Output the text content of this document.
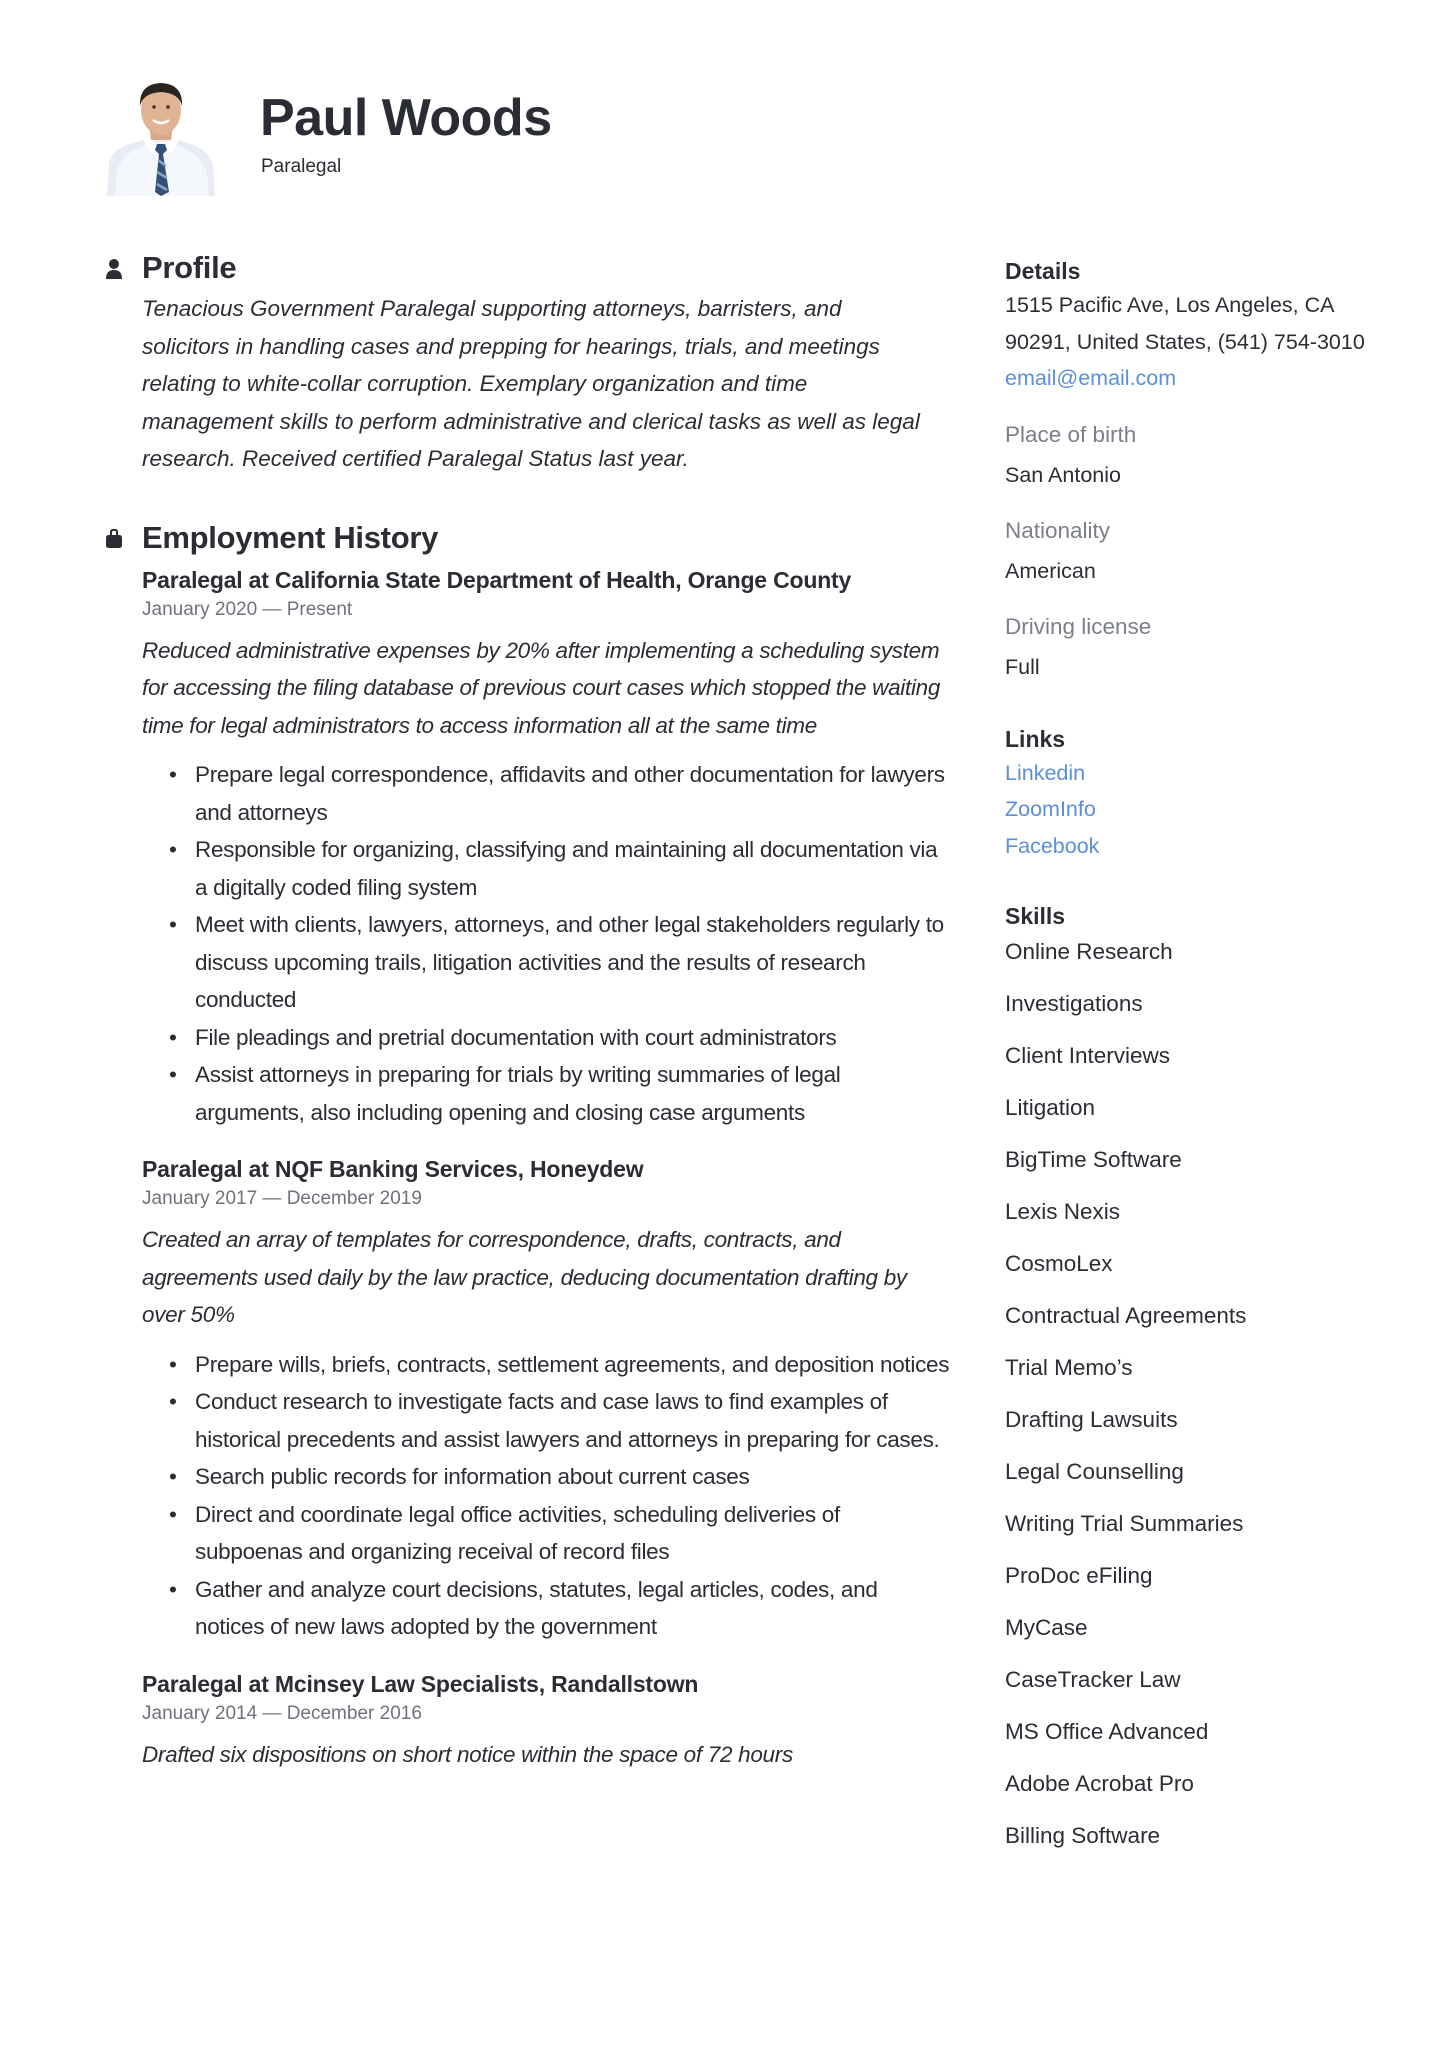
Paul Woods
Paralegal
Profile

Tenacious Government Paralegal supporting attorneys, barristers, and solicitors in handling cases and prepping for hearings, trials, and meetings relating to white-collar corruption. Exemplary organization and time management skills to perform administrative and clerical tasks as well as legal research. Received certified Paralegal Status last year.

Employment History
Paralegal at California State Department of Health, Orange County
January 2020 — Present
Reduced administrative expenses by 20% after implementing a scheduling system for accessing the filing database of previous court cases which stopped the waiting time for legal administrators to access information all at the same time
• Prepare legal correspondence, affidavits and other documentation for lawyers and attorneys
• Responsible for organizing, classifying and maintaining all documentation via a digitally coded filing system
• Meet with clients, lawyers, attorneys, and other legal stakeholders regularly to discuss upcoming trails, litigation activities and the results of research conducted
• File pleadings and pretrial documentation with court administrators
• Assist attorneys in preparing for trials by writing summaries of legal arguments, also including opening and closing case arguments
Paralegal at NQF Banking Services, Honeydew
January 2017 — December 2019
Created an array of templates for correspondence, drafts, contracts, and agreements used daily by the law practice, deducing documentation drafting by over 50%
• Prepare wills, briefs, contracts, settlement agreements, and deposition notices
• Conduct research to investigate facts and case laws to find examples of historical precedents and assist lawyers and attorneys in preparing for cases.
• Search public records for information about current cases
• Direct and coordinate legal office activities, scheduling deliveries of subpoenas and organizing receival of record files
• Gather and analyze court decisions, statutes, legal articles, codes, and notices of new laws adopted by the government
Paralegal at Mcinsey Law Specialists, Randallstown
January 2014 — December 2016
Drafted six dispositions on short notice within the space of 72 hours
Details
1515 Pacific Ave, Los Angeles, CA 90291, United States, (541) 754-3010
email@email.com
Place of birth
San Antonio
Nationality
American
Driving license
Full
Links
Linkedin
ZoomInfo
Facebook
Skills
Online Research
Investigations
Client Interviews
Litigation
BigTime Software
Lexis Nexis
CosmoLex
Contractual Agreements
Trial Memo’s
Drafting Lawsuits
Legal Counselling
Writing Trial Summaries
ProDoc eFiling
MyCase
CaseTracker Law
MS Office Advanced
Adobe Acrobat Pro
Billing Software
